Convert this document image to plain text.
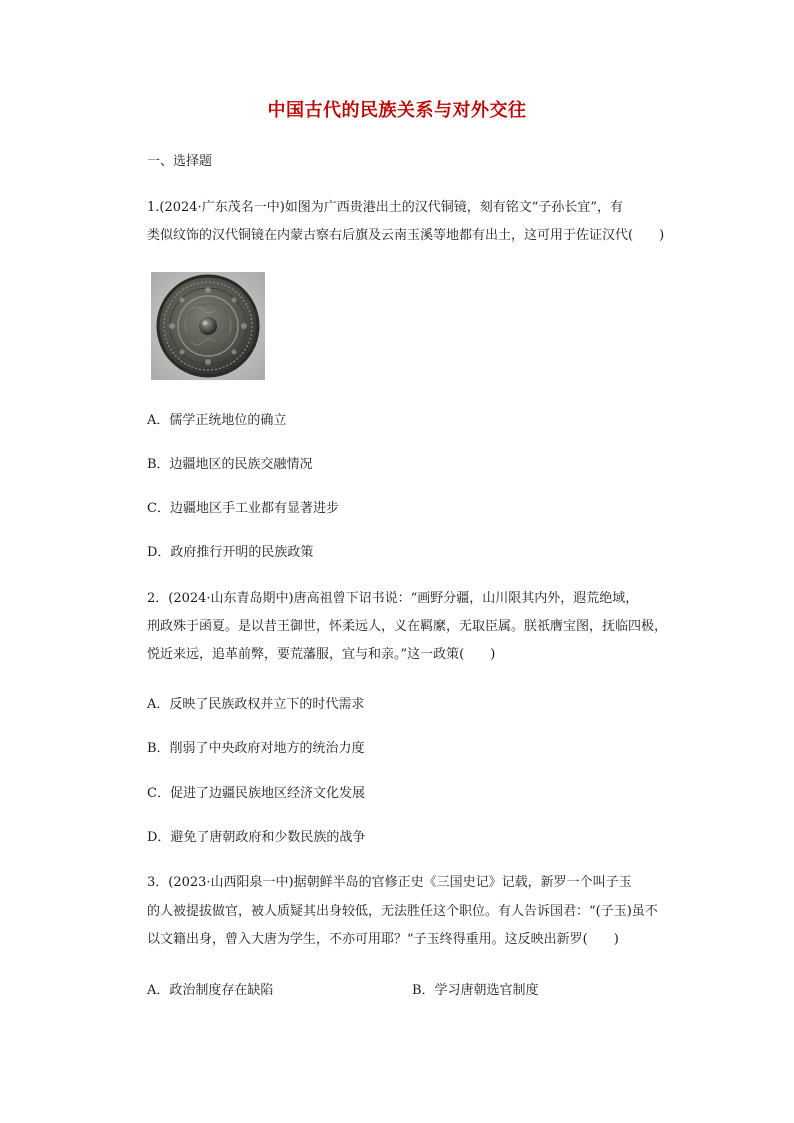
中国古代的民族关系与对外交往
一、选择题
1.(2024·广东茂名一中)如图为广西贵港出土的汉代铜镜，刻有铭文“子孙长宜”，有
类似纹饰的汉代铜镜在内蒙古察右后旗及云南玉溪等地都有出土，这可用于佐证汉代(　　)
A．儒学正统地位的确立
B．边疆地区的民族交融情况
C．边疆地区手工业都有显著进步
D．政府推行开明的民族政策
2．(2024·山东青岛期中)唐高祖曾下诏书说：“画野分疆，山川限其内外，遐荒绝域，
刑政殊于函夏。是以昔王御世，怀柔远人，义在羁縻，无取臣属。朕祇膺宝图，抚临四极，
悦近来远，追革前弊，要荒藩服，宜与和亲。”这一政策(　　)
A．反映了民族政权并立下的时代需求
B．削弱了中央政府对地方的统治力度
C．促进了边疆民族地区经济文化发展
D．避免了唐朝政府和少数民族的战争
3．(2023·山西阳泉一中)据朝鲜半岛的官修正史《三国史记》记载，新罗一个叫子玉
的人被提拔做官，被人质疑其出身较低，无法胜任这个职位。有人告诉国君：“(子玉)虽不
以文籍出身，曾入大唐为学生，不亦可用耶？”子玉终得重用。这反映出新罗(　　)
A．政治制度存在缺陷	B．学习唐朝选官制度
